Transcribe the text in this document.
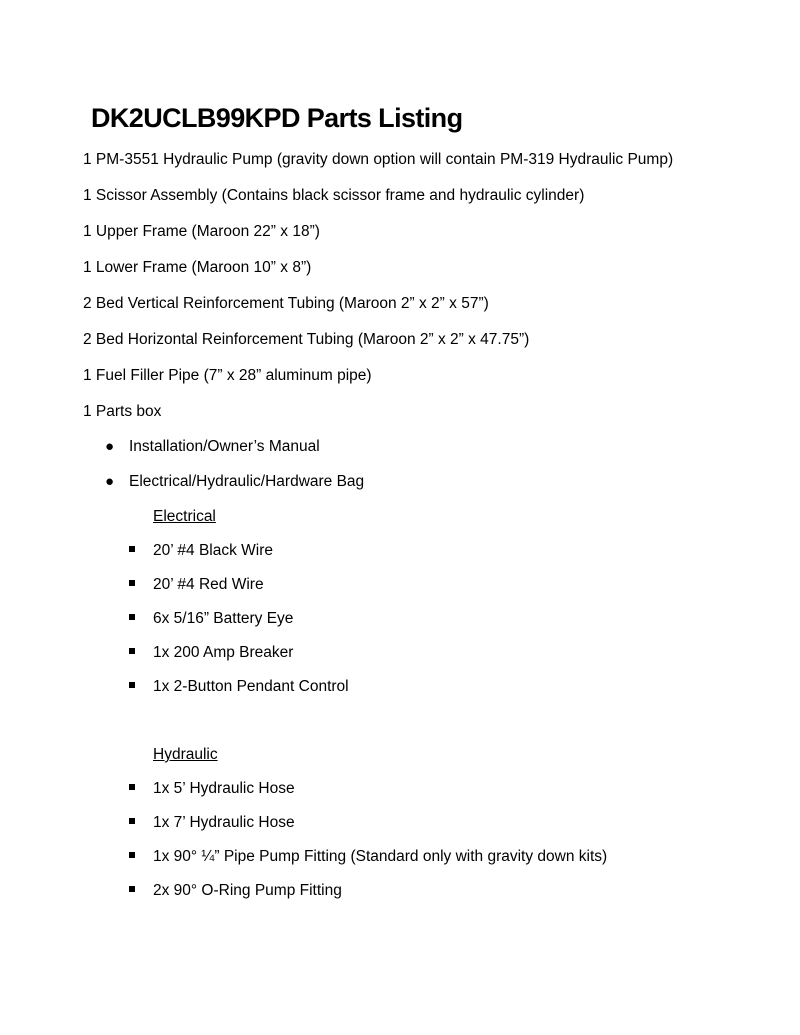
DK2UCLB99KPD Parts Listing
1 PM-3551 Hydraulic Pump (gravity down option will contain PM-319 Hydraulic Pump)
1 Scissor Assembly (Contains black scissor frame and hydraulic cylinder)
1 Upper Frame (Maroon 22” x 18”)
1 Lower Frame (Maroon 10” x 8”)
2 Bed Vertical Reinforcement Tubing (Maroon 2” x 2” x 57”)
2 Bed Horizontal Reinforcement Tubing (Maroon 2” x 2” x 47.75”)
1 Fuel Filler Pipe (7” x 28” aluminum pipe)
1 Parts box
● Installation/Owner’s Manual
● Electrical/Hydraulic/Hardware Bag
Electrical
20’ #4 Black Wire
20’ #4 Red Wire
6x 5/16” Battery Eye
1x 200 Amp Breaker
1x 2-Button Pendant Control
Hydraulic
1x 5’ Hydraulic Hose
1x 7’ Hydraulic Hose
1x 90° ¼” Pipe Pump Fitting (Standard only with gravity down kits)
2x 90° O-Ring Pump Fitting
